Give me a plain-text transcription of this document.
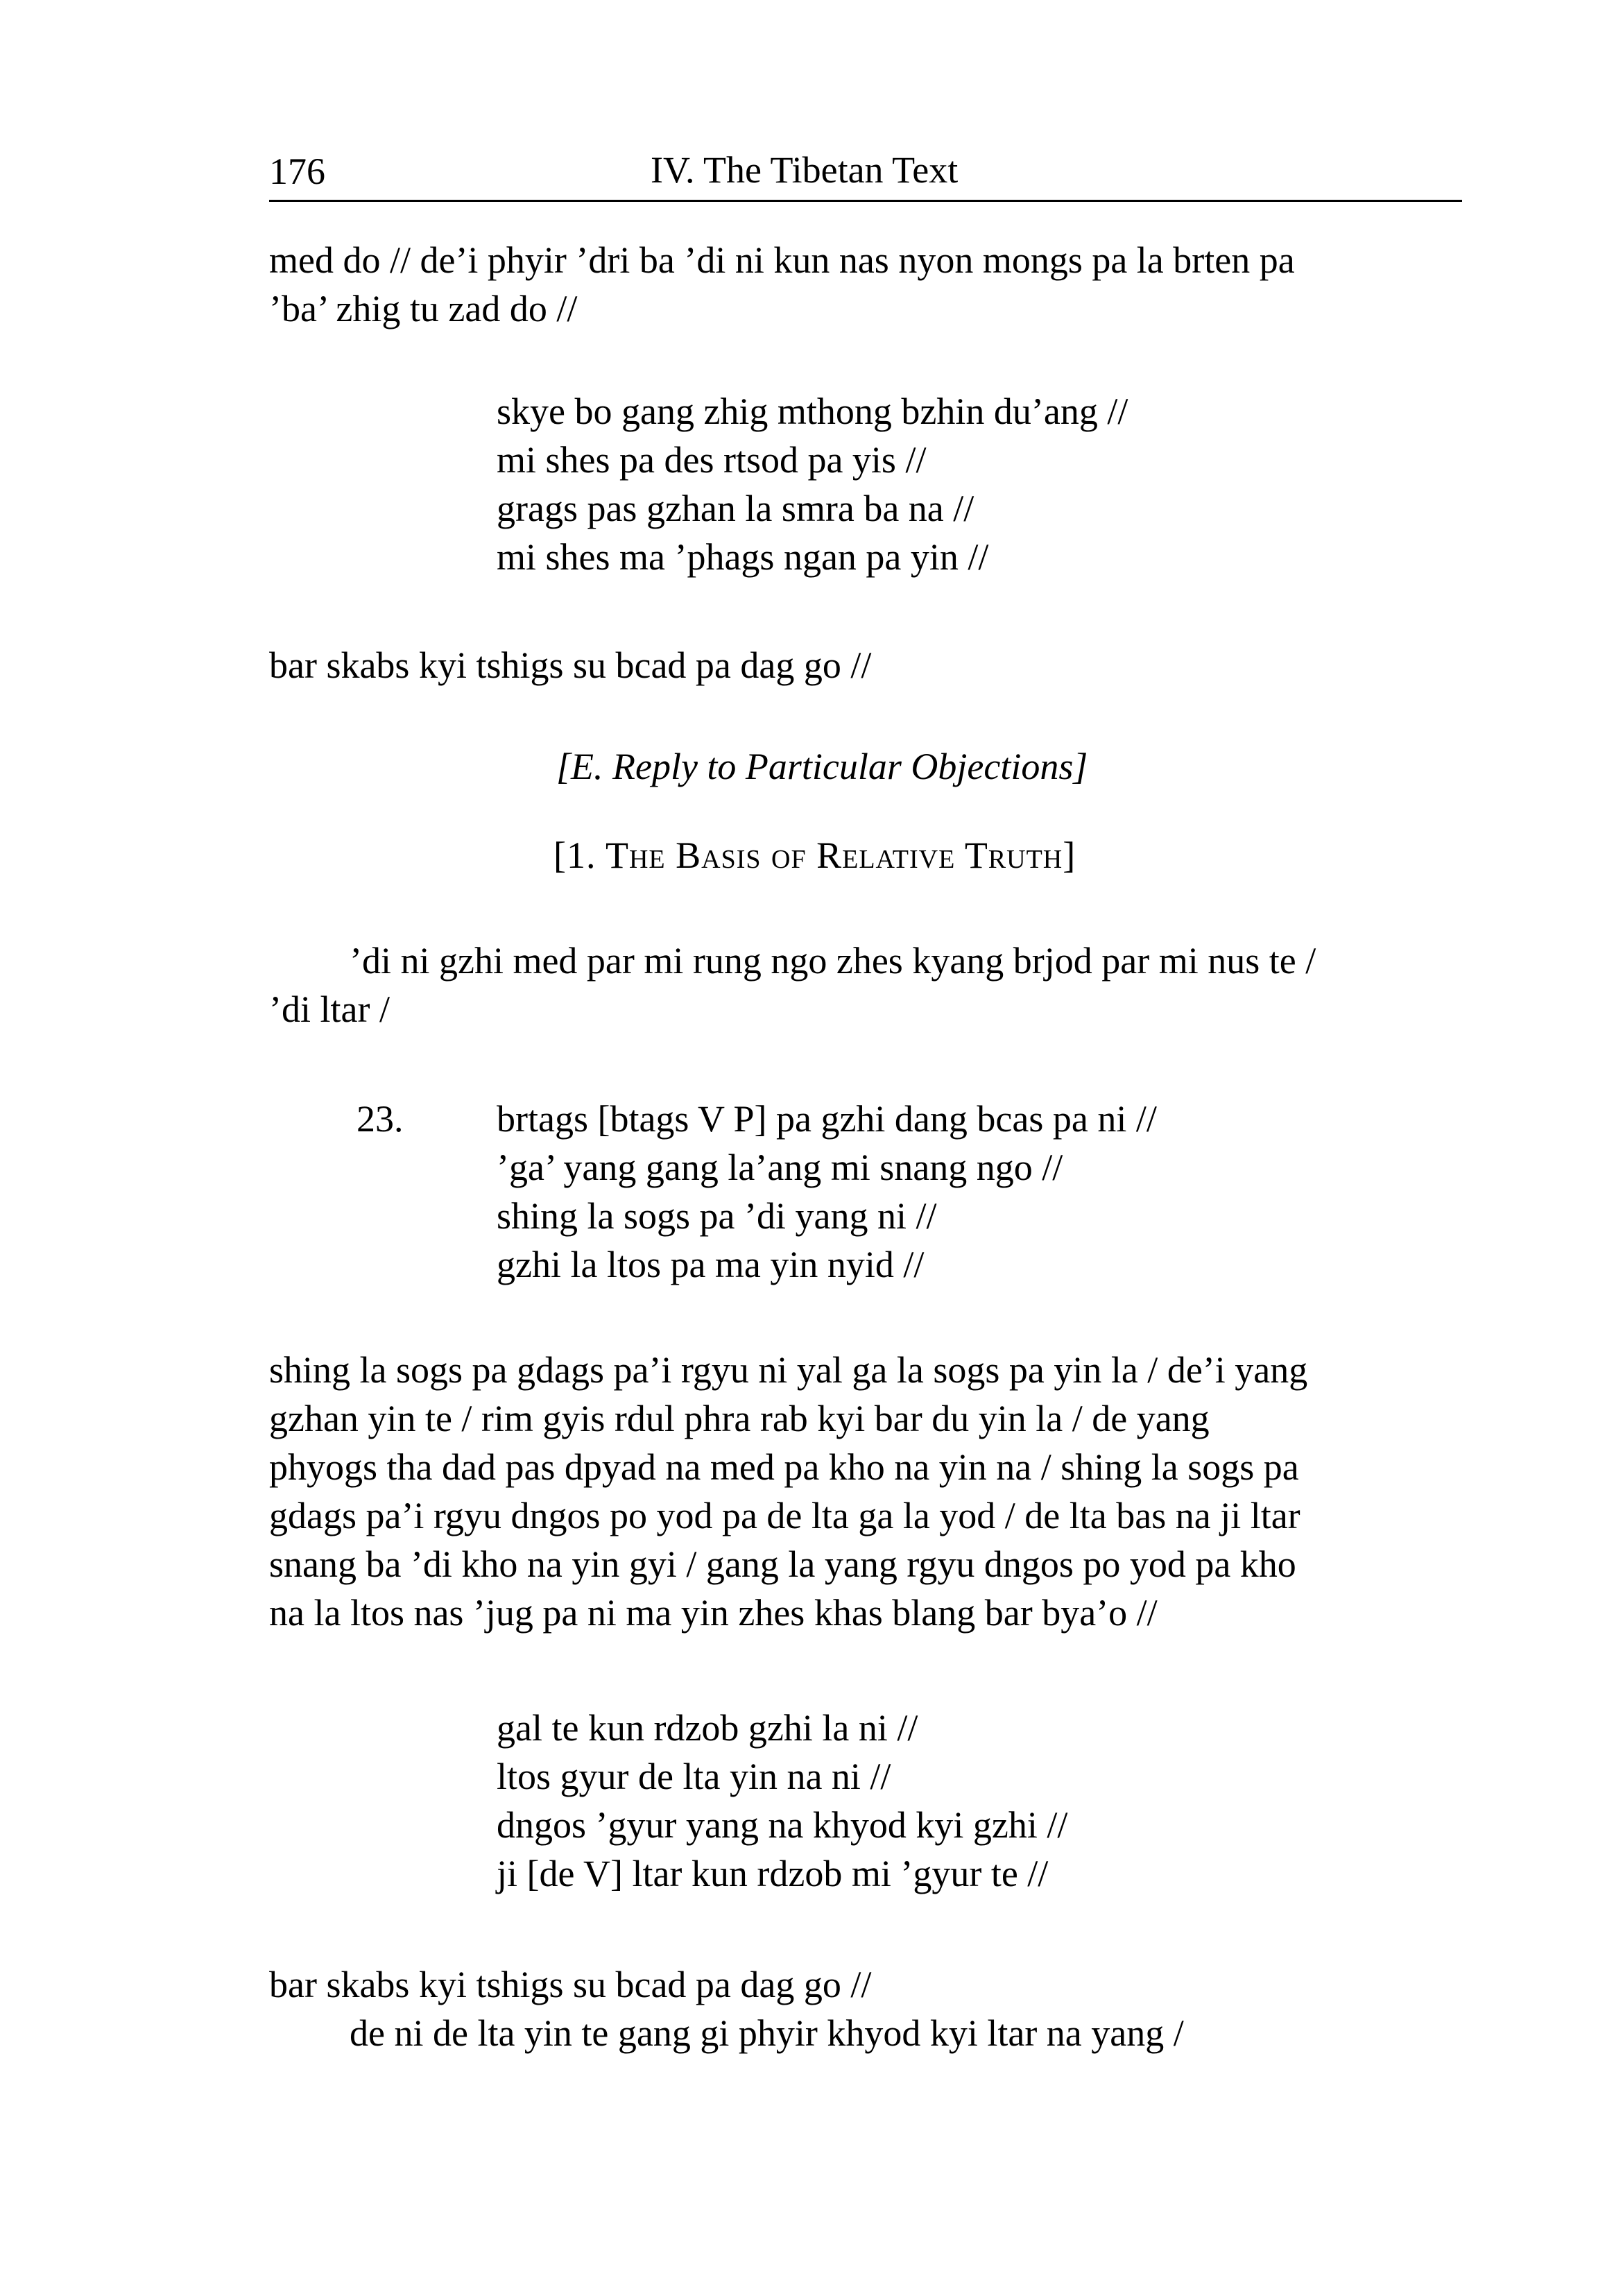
176	IV. The Tibetan Text
med do // de’i phyir ’dri ba ’di ni kun nas nyon mongs pa la brten pa
’ba’ zhig tu zad do //
skye bo gang zhig mthong bzhin du’ang //
mi shes pa des rtsod pa yis //
grags pas gzhan la smra ba na //
mi shes ma ’phags ngan pa yin //
bar skabs kyi tshigs su bcad pa dag go //
[E. Reply to Particular Objections]
[1. The Basis of Relative Truth]
’di ni gzhi med par mi rung ngo zhes kyang brjod par mi nus te /
’di ltar /
23. brtags [btags V P] pa gzhi dang bcas pa ni //
’ga’ yang gang la’ang mi snang ngo //
shing la sogs pa ’di yang ni //
gzhi la ltos pa ma yin nyid //
shing la sogs pa gdags pa’i rgyu ni yal ga la sogs pa yin la / de’i yang
gzhan yin te / rim gyis rdul phra rab kyi bar du yin la / de yang
phyogs tha dad pas dpyad na med pa kho na yin na / shing la sogs pa
gdags pa’i rgyu dngos po yod pa de lta ga la yod / de lta bas na ji ltar
snang ba ’di kho na yin gyi / gang la yang rgyu dngos po yod pa kho
na la ltos nas ’jug pa ni ma yin zhes khas blang bar bya’o //
gal te kun rdzob gzhi la ni //
ltos gyur de lta yin na ni //
dngos ’gyur yang na khyod kyi gzhi //
ji [de V] ltar kun rdzob mi ’gyur te //
bar skabs kyi tshigs su bcad pa dag go //
de ni de lta yin te gang gi phyir khyod kyi ltar na yang /
